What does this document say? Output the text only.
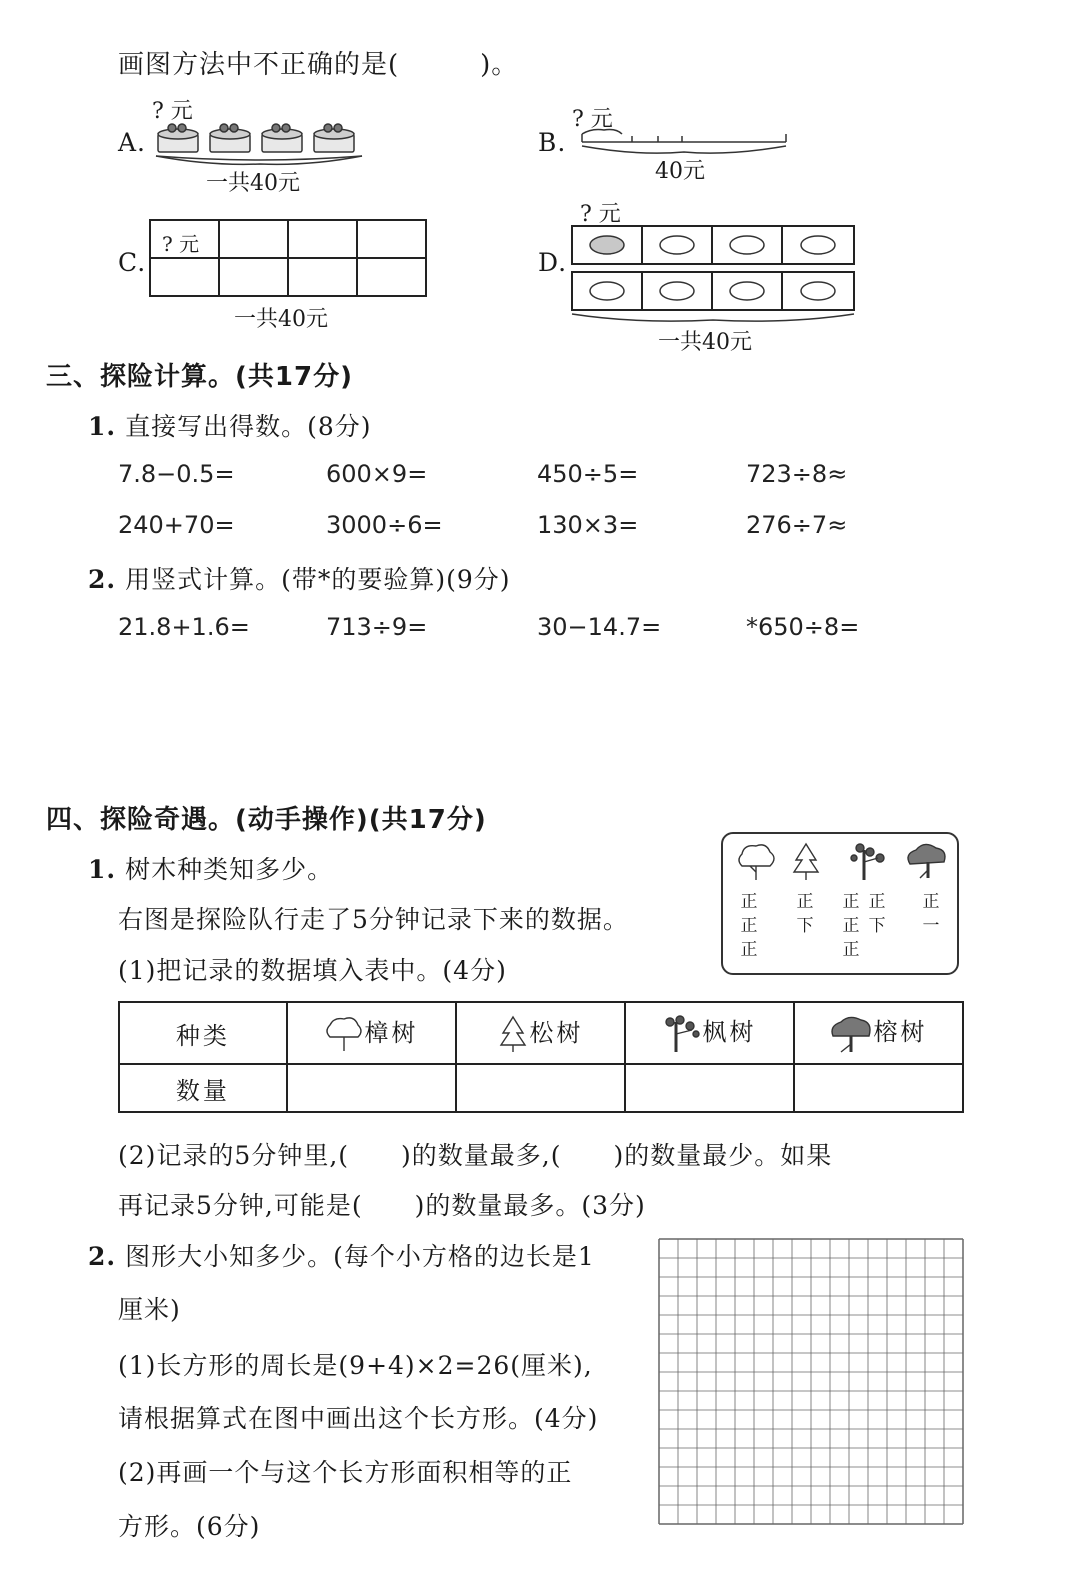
画图方法中不正确的是(　　　)。
? 元
A.
一共40元
? 元
B.
40元
C.
? 元
一共40元
? 元
D.
一共40元
三、探险计算。(共17分)
1. 直接写出得数。(8分)
7.8−0.5=	600×9=	450÷5=	723÷8≈
240+70=	3000÷6=	130×3=	276÷7≈
2. 用竖式计算。(带*的要验算)(9分)
21.8+1.6=	713÷9=	30−14.7=	*650÷8=
四、探险奇遇。(动手操作)(共17分)
1. 树木种类知多少。
右图是探险队行走了5分钟记录下来的数据。
(1)把记录的数据填入表中。(4分)
正
正
正
正
下
正
正
正
正
下
正
一
种类	樟树	松树	枫树	榕树
数量				
(2)记录的5分钟里,(　　)的数量最多,(　　)的数量最少。如果
再记录5分钟,可能是(　　)的数量最多。(3分)
2. 图形大小知多少。(每个小方格的边长是1
厘米)
(1)长方形的周长是(9+4)×2=26(厘米),
请根据算式在图中画出这个长方形。(4分)
(2)再画一个与这个长方形面积相等的正
方形。(6分)
